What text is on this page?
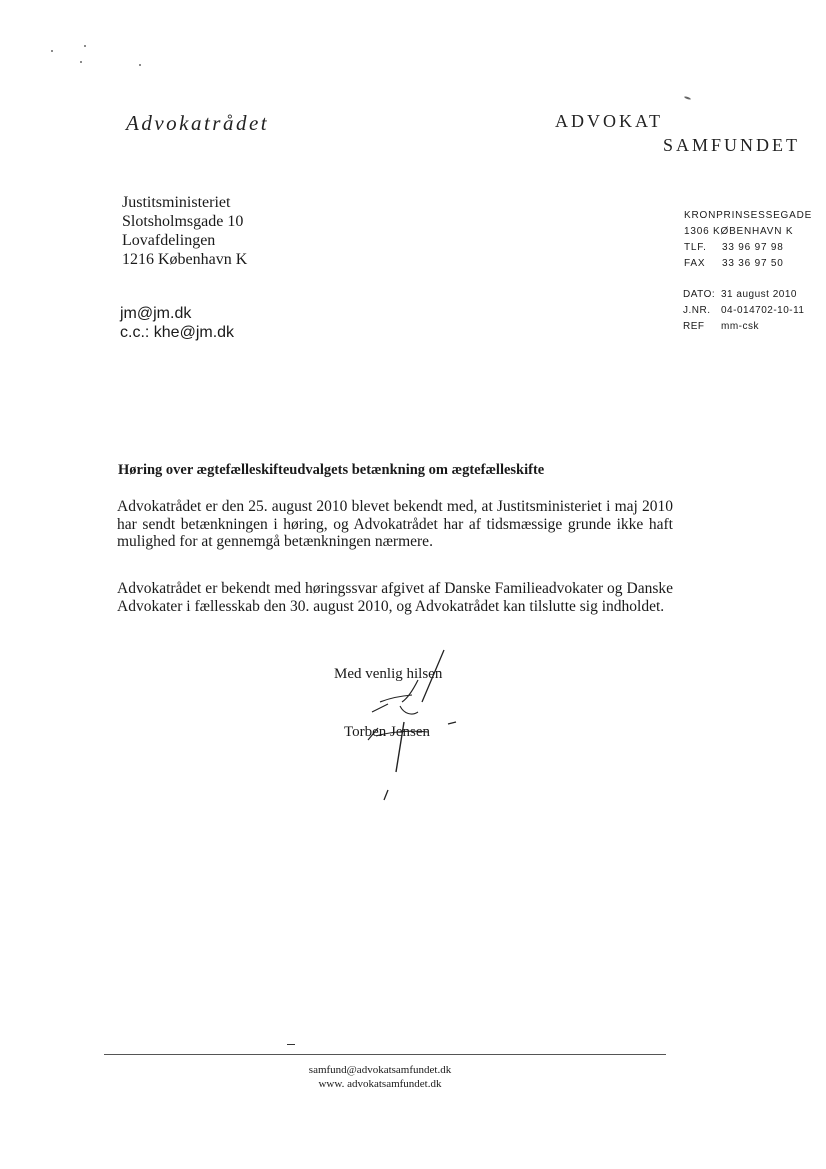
Advokatrådet	ADVOKAT
SAMFUNDET
Justitsministeriet
Slotsholmsgade 10
Lovafdelingen
1216 København K
jm@jm.dk
c.c.: khe@jm.dk
KRONPRINSESSEGADE
1306 KØBENHAVN K
TLF.	33 96 97 98
FAX	33 36 97 50
DATO: 31 august 2010
J.NR.	04-014702-10-11
REF	mm-csk
Høring over ægtefælleskifteudvalgets betænkning om ægtefælleskifte
Advokatrådet er den 25. august 2010 blevet bekendt med, at Justitsministeriet i maj 2010 har sendt betænkningen i høring, og Advokatrådet har af tidsmæssige grunde ikke haft mulighed for at gennemgå betænkningen nærmere.
Advokatrådet er bekendt med høringssvar afgivet af Danske Familieadvokater og Danske Advokater i fællesskab den 30. august 2010, og Advokatrådet kan tilslutte sig indholdet.
Med venlig hilsen
Torben Jensen
samfund@advokatsamfundet.dk
www. advokatsamfundet.dk
